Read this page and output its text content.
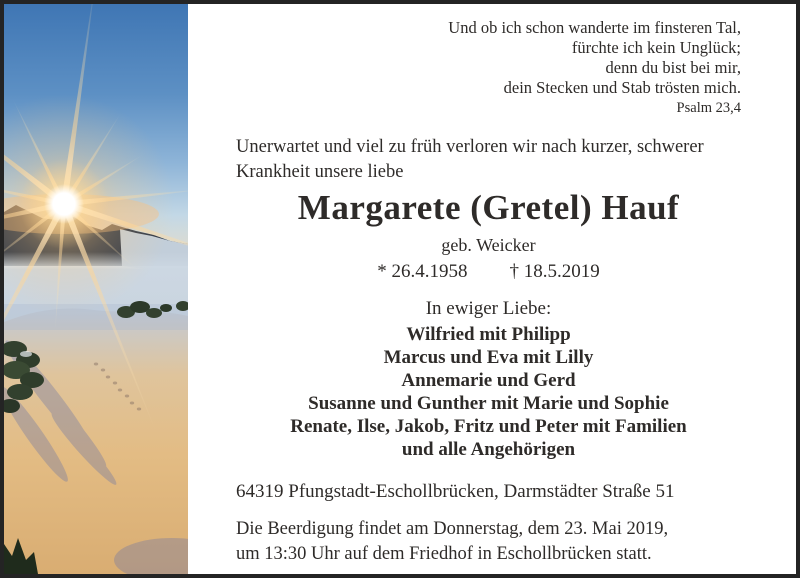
Und ob ich schon wanderte im finsteren Tal,
fürchte ich kein Unglück;
denn du bist bei mir,
dein Stecken und Stab trösten mich.
Psalm 23,4
Unerwartet und viel zu früh verloren wir nach kurzer, schwerer
Krankheit unsere liebe
Margarete (Gretel) Hauf
geb. Weicker
* 26.4.1958 † 18.5.2019
In ewiger Liebe:
Wilfried mit Philipp
Marcus und Eva mit Lilly
Annemarie und Gerd
Susanne und Gunther mit Marie und Sophie
Renate, Ilse, Jakob, Fritz und Peter mit Familien
und alle Angehörigen
64319 Pfungstadt-Eschollbrücken, Darmstädter Straße 51
Die Beerdigung findet am Donnerstag, dem 23. Mai 2019,
um 13:30 Uhr auf dem Friedhof in Eschollbrücken statt.
